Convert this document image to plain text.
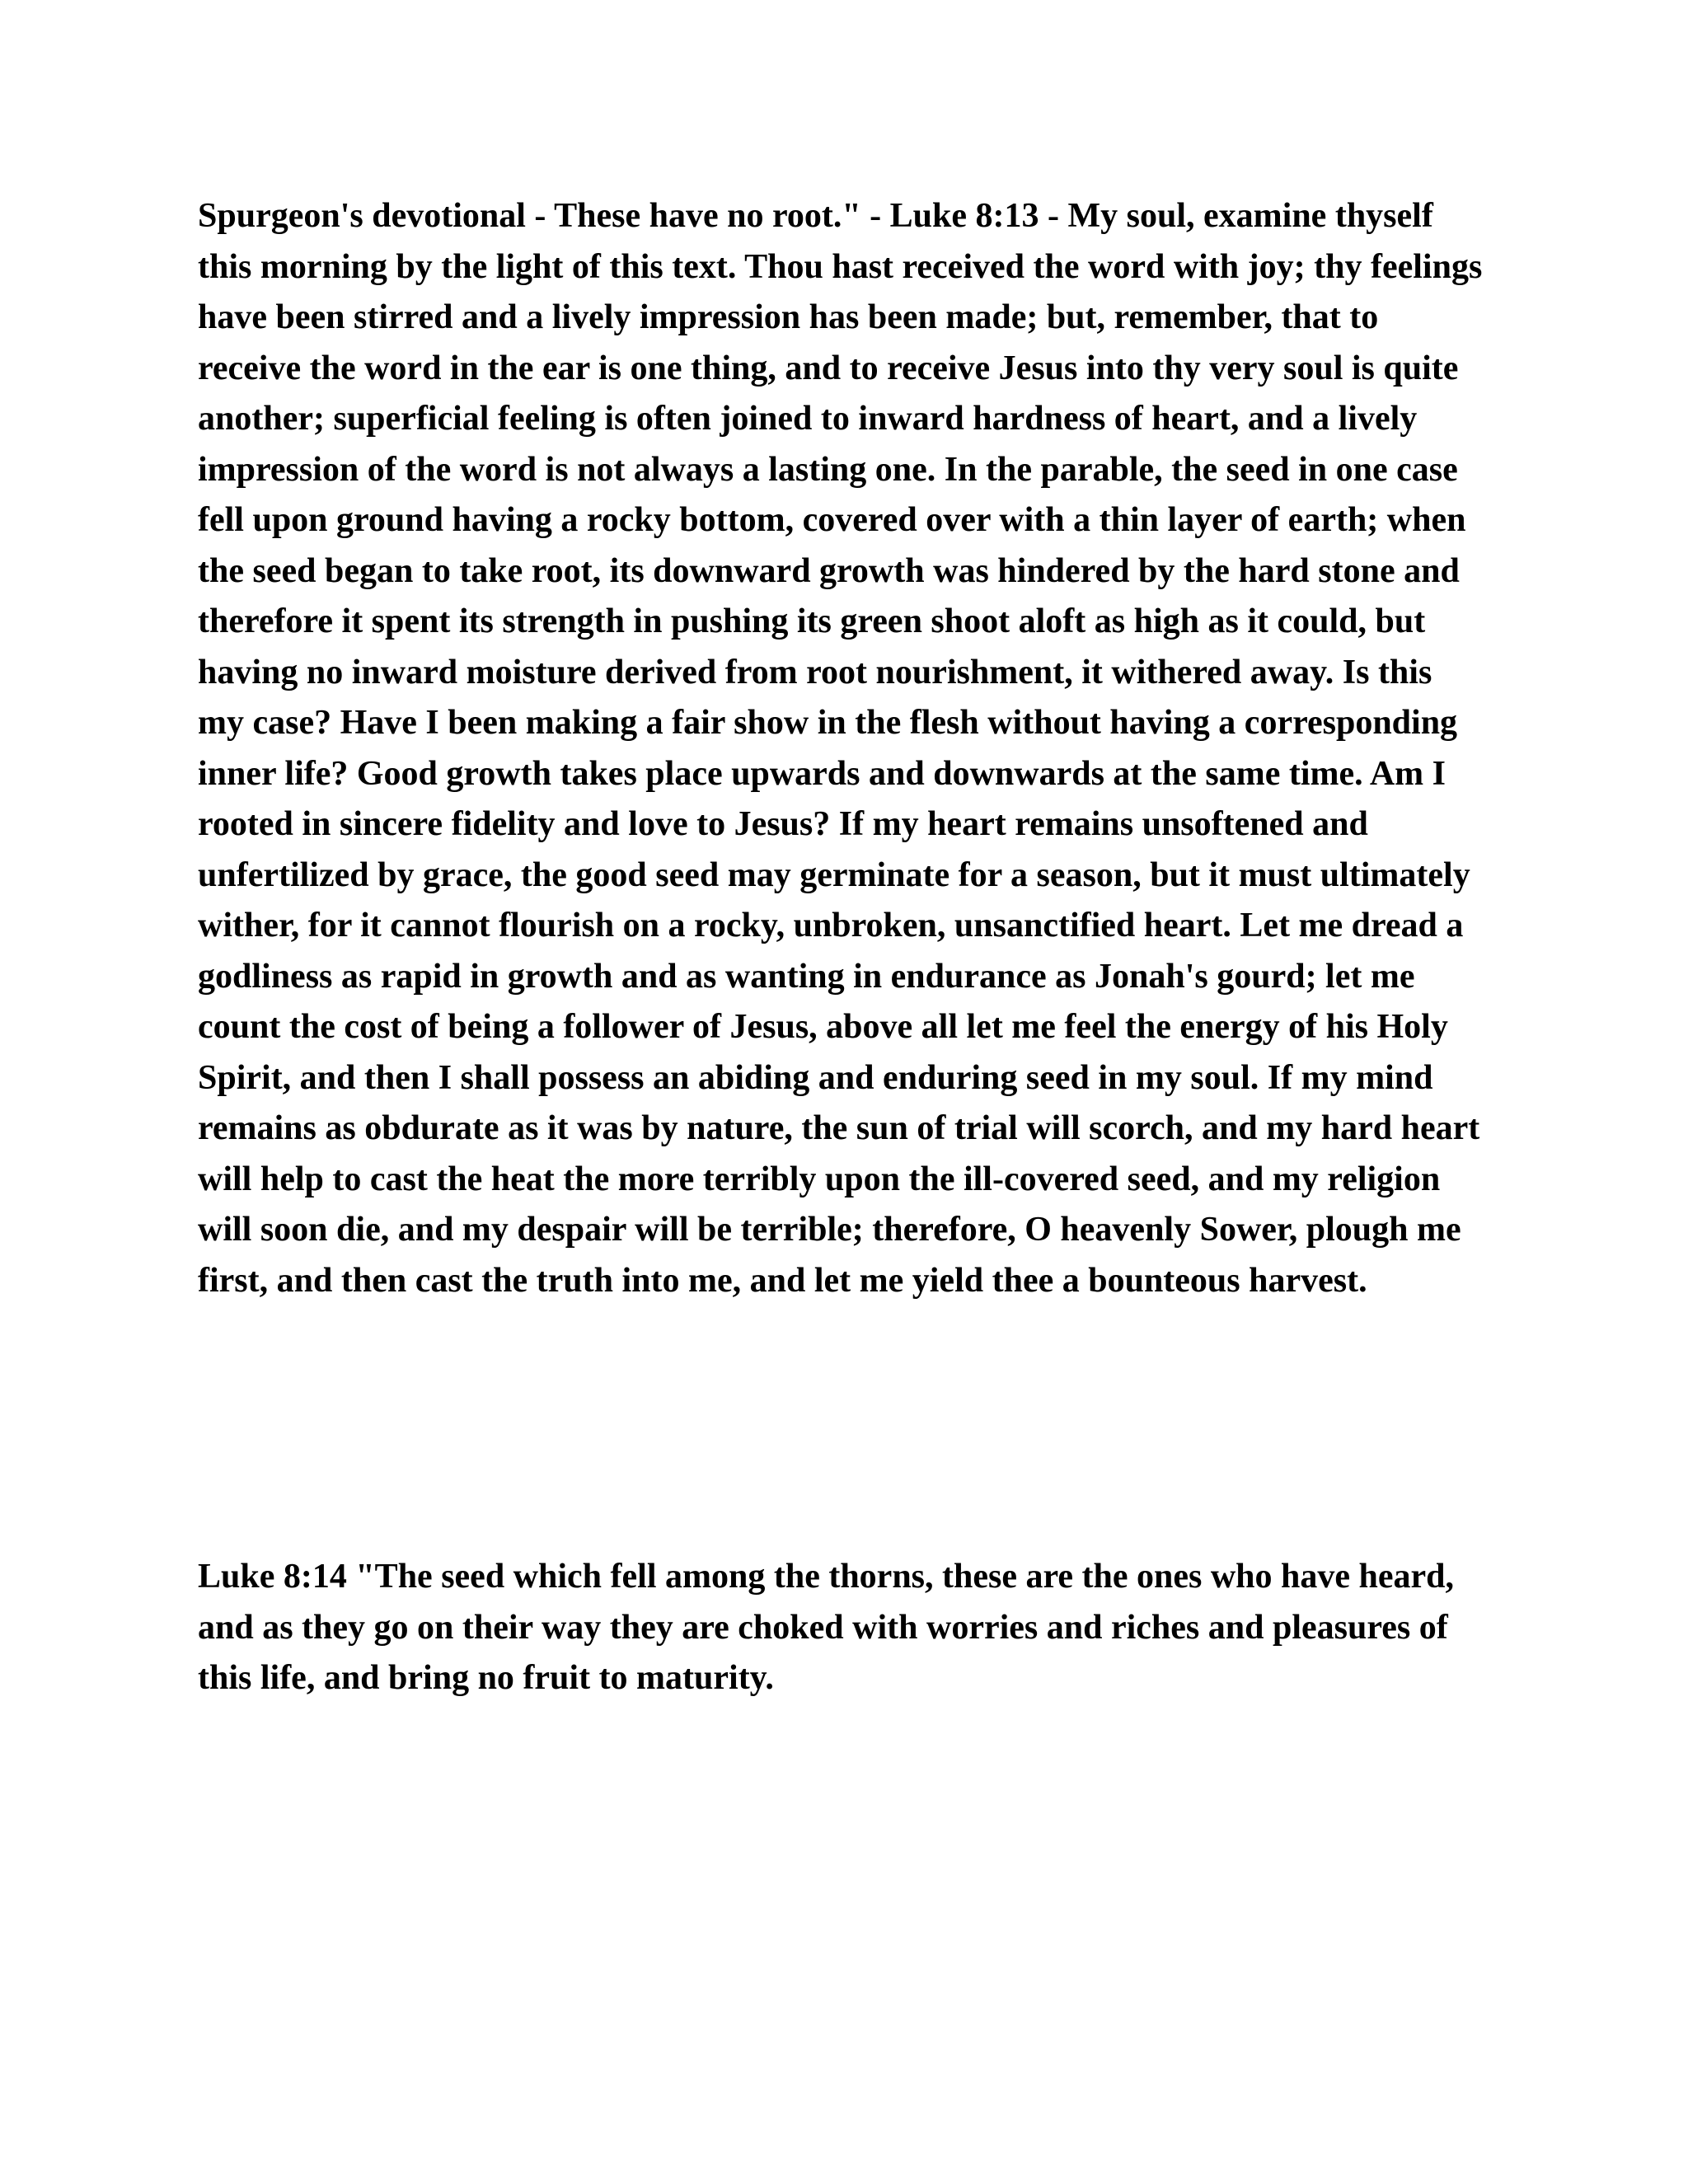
Spurgeon's devotional - These have no root." - Luke 8:13 - My soul, examine thyself this morning by the light of this text. Thou hast received the word with joy; thy feelings have been stirred and a lively impression has been made; but, remember, that to receive the word in the ear is one thing, and to receive Jesus into thy very soul is quite another; superficial feeling is often joined to inward hardness of heart, and a lively impression of the word is not always a lasting one. In the parable, the seed in one case fell upon ground having a rocky bottom, covered over with a thin layer of earth; when the seed began to take root, its downward growth was hindered by the hard stone and therefore it spent its strength in pushing its green shoot aloft as high as it could, but having no inward moisture derived from root nourishment, it withered away. Is this my case? Have I been making a fair show in the flesh without having a corresponding inner life? Good growth takes place upwards and downwards at the same time. Am I rooted in sincere fidelity and love to Jesus? If my heart remains unsoftened and unfertilized by grace, the good seed may germinate for a season, but it must ultimately wither, for it cannot flourish on a rocky, unbroken, unsanctified heart. Let me dread a godliness as rapid in growth and as wanting in endurance as Jonah's gourd; let me count the cost of being a follower of Jesus, above all let me feel the energy of his Holy Spirit, and then I shall possess an abiding and enduring seed in my soul. If my mind remains as obdurate as it was by nature, the sun of trial will scorch, and my hard heart will help to cast the heat the more terribly upon the ill-covered seed, and my religion will soon die, and my despair will be terrible; therefore, O heavenly Sower, plough me first, and then cast the truth into me, and let me yield thee a bounteous harvest.

Luke 8:14 "The seed which fell among the thorns, these are the ones who have heard, and as they go on their way they are choked with worries and riches and pleasures of this life, and bring no fruit to maturity.
